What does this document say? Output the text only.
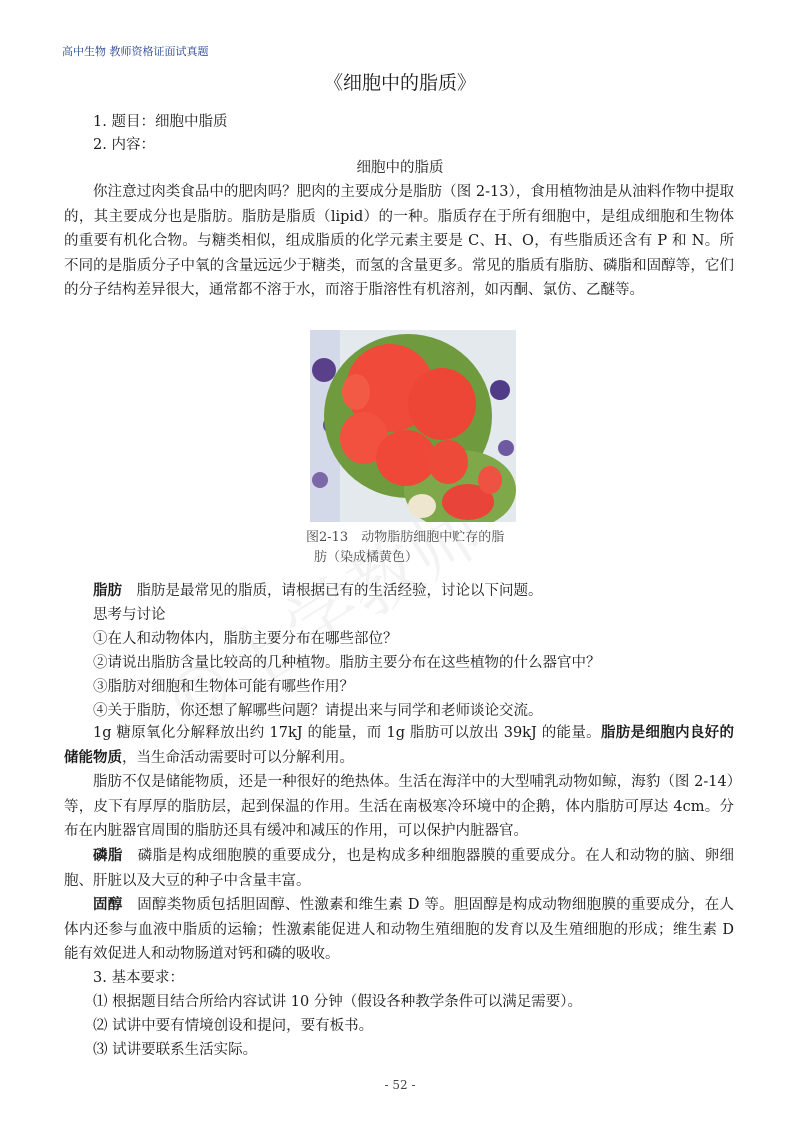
高中生物 教师资格证面试真题
《细胞中的脂质》
1. 题目：细胞中脂质
2. 内容：
细胞中的脂质
你注意过肉类食品中的肥肉吗？肥肉的主要成分是脂肪（图 2-13），食用植物油是从油料作物中提取的，其主要成分也是脂肪。脂肪是脂质（lipid）的一种。脂质存在于所有细胞中，是组成细胞和生物体的重要有机化合物。与糖类相似，组成脂质的化学元素主要是 C、H、O，有些脂质还含有 P 和 N。所不同的是脂质分子中氧的含量远远少于糖类，而氢的含量更多。常见的脂质有脂肪、磷脂和固醇等，它们的分子结构差异很大，通常都不溶于水，而溶于脂溶性有机溶剂，如丙酮、氯仿、乙醚等。
图2-13　动物脂肪细胞中贮存的脂
肪（染成橘黄色）
脂肪　 脂肪是最常见的脂质，请根据已有的生活经验，讨论以下问题。
思考与讨论
①在人和动物体内，脂肪主要分布在哪些部位？
②请说出脂肪含量比较高的几种植物。脂肪主要分布在这些植物的什么器官中？
③脂肪对细胞和生物体可能有哪些作用？
④关于脂肪，你还想了解哪些问题？请提出来与同学和老师谈论交流。
1g 糖原氧化分解释放出约 17kJ 的能量，而 1g 脂肪可以放出 39kJ 的能量。脂肪是细胞内良好的储能物质，当生命活动需要时可以分解利用。
脂肪不仅是储能物质，还是一种很好的绝热体。生活在海洋中的大型哺乳动物如鲸，海豹（图 2-14）等，皮下有厚厚的脂肪层，起到保温的作用。生活在南极寒冷环境中的企鹅，体内脂肪可厚达 4cm。分布在内脏器官周围的脂肪还具有缓冲和减压的作用，可以保护内脏器官。
磷脂　 磷脂是构成细胞膜的重要成分，也是构成多种细胞器膜的重要成分。在人和动物的脑、卵细胞、肝脏以及大豆的种子中含量丰富。
固醇　 固醇类物质包括胆固醇、性激素和维生素 D 等。胆固醇是构成动物细胞膜的重要成分，在人体内还参与血液中脂质的运输；性激素能促进人和动物生殖细胞的发育以及生殖细胞的形成；维生素 D 能有效促进人和动物肠道对钙和磷的吸收。
3. 基本要求：
⑴ 根据题目结合所给内容试讲 10 分钟（假设各种教学条件可以满足需要）。
⑵ 试讲中要有情境创设和提问，要有板书。
⑶ 试讲要联系生活实际。
- 52 -
